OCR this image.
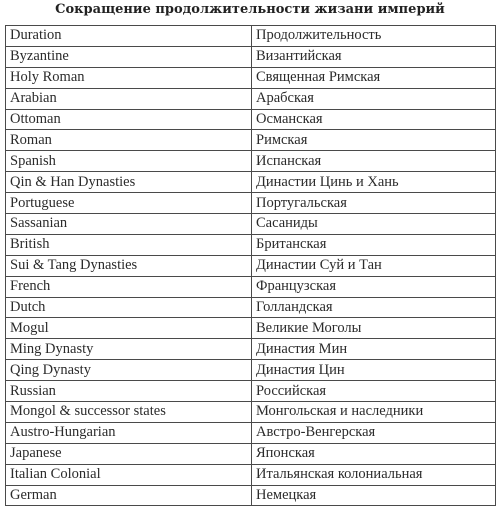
Сокращение продолжительности жизани империй
Duration	Продолжительность
Byzantine	Византийская
Holy Roman	Священная Римская
Arabian	Арабская
Ottoman	Османская
Roman	Римская
Spanish	Испанская
Qin & Han Dynasties	Династии Цинь и Хань
Portuguese	Португальская
Sassanian	Сасаниды
British	Британская
Sui & Tang Dynasties	Династии Суй и Тан
French	Французская
Dutch	Голландская
Mogul	Великие Моголы
Ming Dynasty	Династия Мин
Qing Dynasty	Династия Цин
Russian	Российская
Mongol & successor states	Монгольская и наследники
Austro-Hungarian	Австро-Венгерская
Japanese	Японская
Italian Colonial	Итальянская колониальная
German	Немецкая
